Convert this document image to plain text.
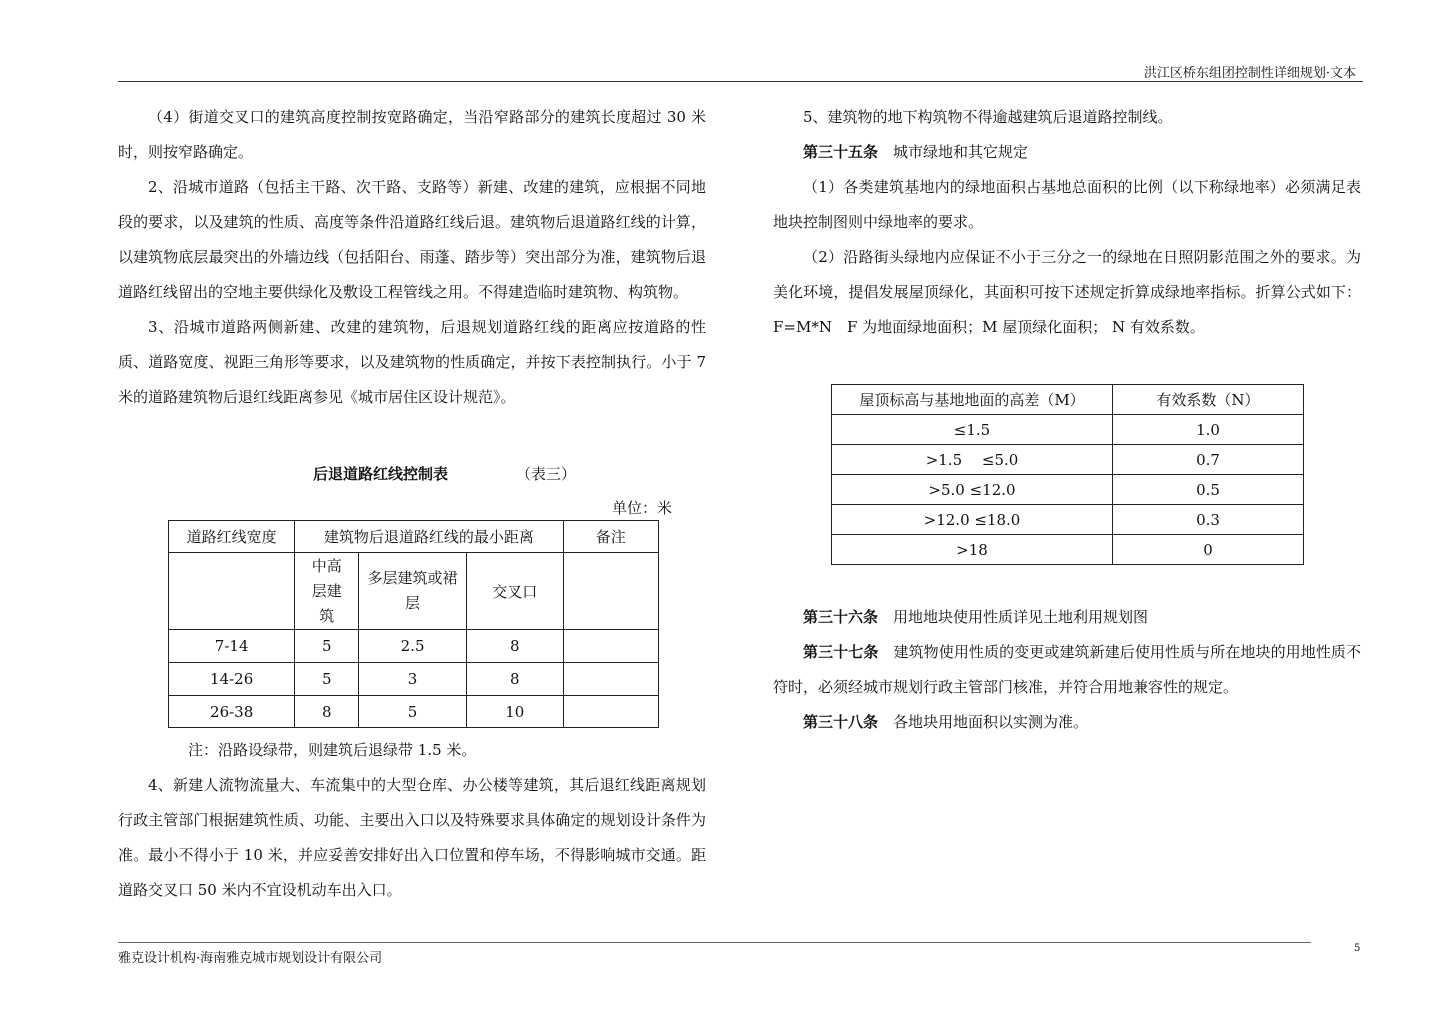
洪江区桥东组团控制性详细规划·文本
雅克设计机构·海南雅克城市规划设计有限公司
5

（4）街道交叉口的建筑高度控制按宽路确定，当沿窄路部分的建筑长度超过 30 米时，则按窄路确定。

2、沿城市道路（包括主干路、次干路、支路等）新建、改建的建筑，应根据不同地段的要求，以及建筑的性质、高度等条件沿道路红线后退。建筑物后退道路红线的计算，以建筑物底层最突出的外墙边线（包括阳台、雨蓬、踏步等）突出部分为准，建筑物后退道路红线留出的空地主要供绿化及敷设工程管线之用。不得建造临时建筑物、构筑物。

3、沿城市道路两侧新建、改建的建筑物，后退规划道路红线的距离应按道路的性质、道路宽度、视距三角形等要求，以及建筑物的性质确定，并按下表控制执行。小于 7 米的道路建筑物后退红线距离参见《城市居住区设计规范》。

后退道路红线控制表	（表三）
单位：米
道路红线宽度	建筑物后退道路红线的最小距离			备注

	中高层建筑	多层建筑或裙层	交叉口	
7-14	5	2.5	8	
14-26	5	3	8	
26-38	8	5	10	
注：沿路设绿带，则建筑后退绿带 1.5 米。

4、新建人流物流量大、车流集中的大型仓库、办公楼等建筑，其后退红线距离规划行政主管部门根据建筑性质、功能、主要出入口以及特殊要求具体确定的规划设计条件为准。最小不得小于 10 米，并应妥善安排好出入口位置和停车场，不得影响城市交通。距道路交叉口 50 米内不宜设机动车出入口。

5、建筑物的地下构筑物不得逾越建筑后退道路控制线。

第三十五条　 城市绿地和其它规定

（1）各类建筑基地内的绿地面积占基地总面积的比例（以下称绿地率）必须满足表地块控制图则中绿地率的要求。

（2）沿路街头绿地内应保证不小于三分之一的绿地在日照阴影范围之外的要求。为美化环境，提倡发展屋顶绿化，其面积可按下述规定折算成绿地率指标。折算公式如下：F=M*N　F 为地面绿地面积；M 屋顶绿化面积； N 有效系数。

屋顶标高与基地地面的高差（M）	有效系数（N）
≤1.5	1.0
>1.5　 ≤5.0	0.7
>5.0 ≤12.0	0.5
>12.0 ≤18.0	0.3
>18	0

第三十六条　 用地地块使用性质详见土地利用规划图

第三十七条　 建筑物使用性质的变更或建筑新建后使用性质与所在地块的用地性质不符时，必须经城市规划行政主管部门核准，并符合用地兼容性的规定。

第三十八条　 各地块用地面积以实测为准。
